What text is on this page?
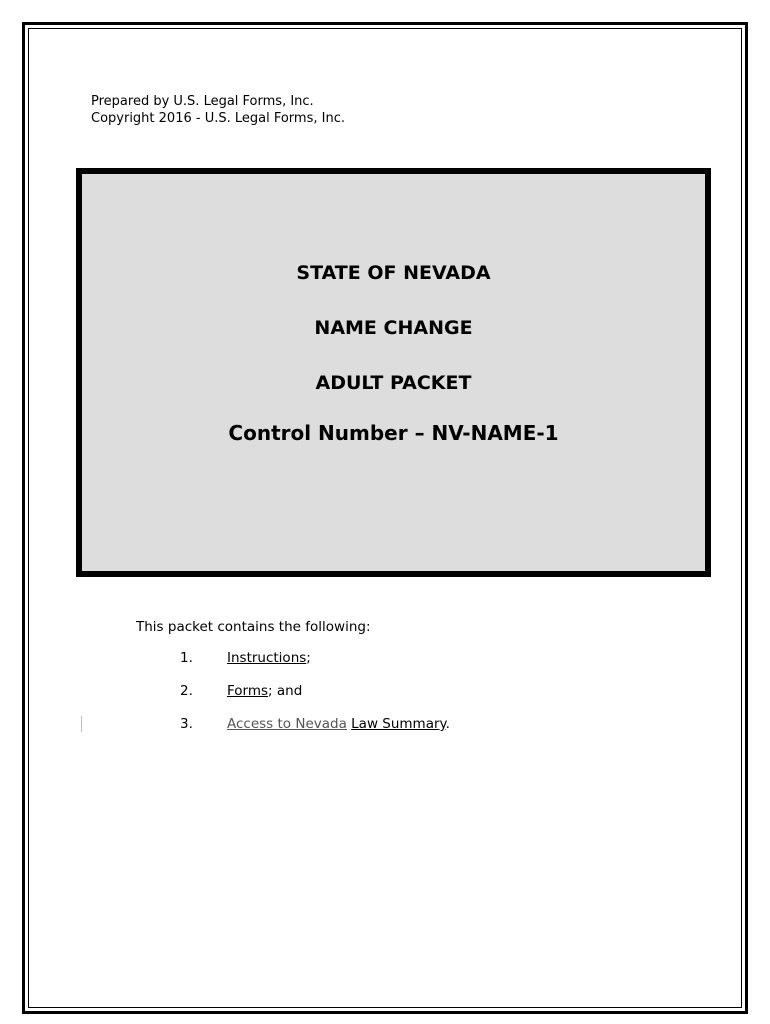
Prepared by U.S. Legal Forms, Inc.
Copyright 2016 - U.S. Legal Forms, Inc.
STATE OF NEVADA
NAME CHANGE
ADULT PACKET
Control Number – NV-NAME-1
This packet contains the following:
1.	Instructions;
2.	Forms; and
3.	Access to Nevada Law Summary.
